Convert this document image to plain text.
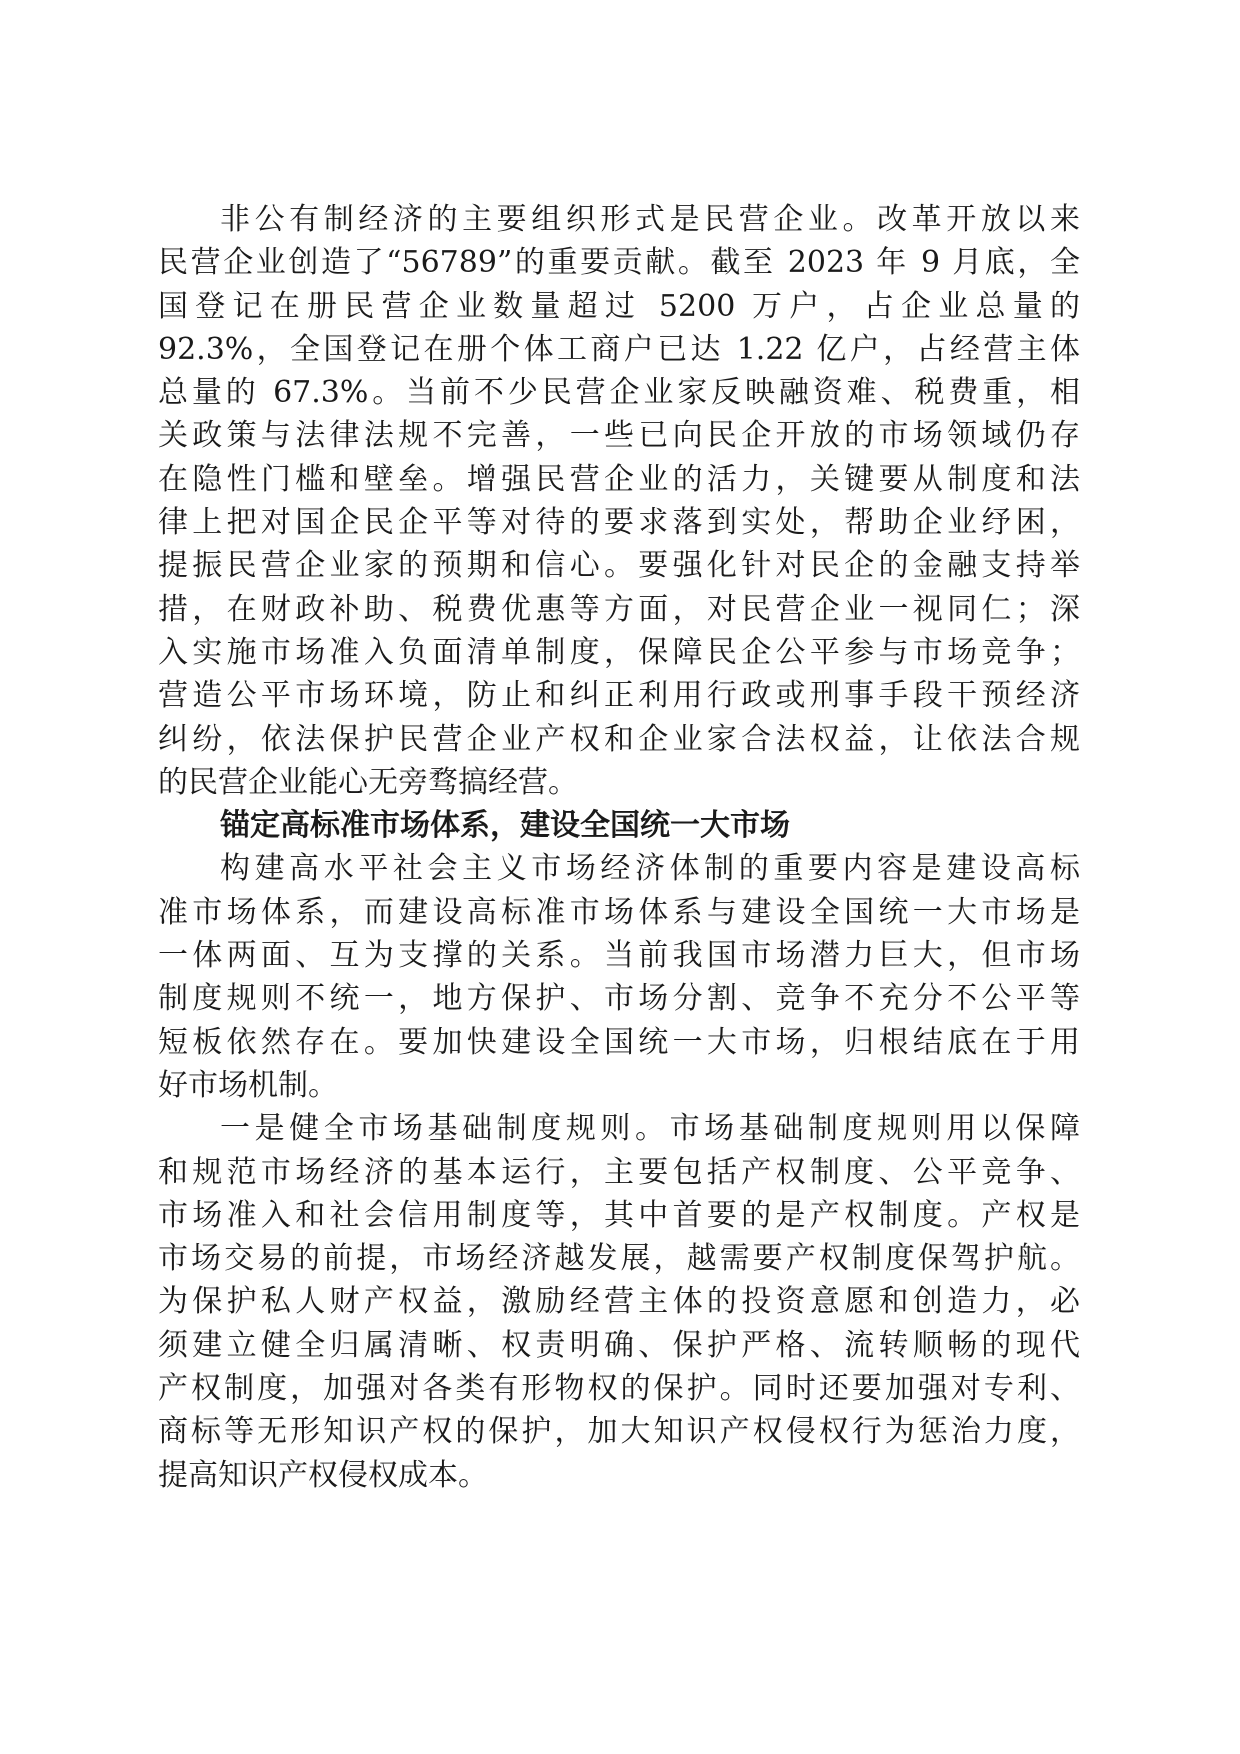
非公有制经济的主要组织形式是民营企业。改革开放以来
民营企业创造了“56789”的重要贡献。截至 2023 年 9 月底，全
国登记在册民营企业数量超过 5200 万户，占企业总量的
92.3%，全国登记在册个体工商户已达 1.22 亿户，占经营主体
总量的 67.3%。当前不少民营企业家反映融资难、税费重，相
关政策与法律法规不完善，一些已向民企开放的市场领域仍存
在隐性门槛和壁垒。增强民营企业的活力，关键要从制度和法
律上把对国企民企平等对待的要求落到实处，帮助企业纾困，
提振民营企业家的预期和信心。要强化针对民企的金融支持举
措，在财政补助、税费优惠等方面，对民营企业一视同仁；深
入实施市场准入负面清单制度，保障民企公平参与市场竞争；
营造公平市场环境，防止和纠正利用行政或刑事手段干预经济
纠纷，依法保护民营企业产权和企业家合法权益，让依法合规
的民营企业能心无旁骛搞经营。
锚定高标准市场体系，建设全国统一大市场
构建高水平社会主义市场经济体制的重要内容是建设高标
准市场体系，而建设高标准市场体系与建设全国统一大市场是
一体两面、互为支撑的关系。当前我国市场潜力巨大，但市场
制度规则不统一，地方保护、市场分割、竞争不充分不公平等
短板依然存在。要加快建设全国统一大市场，归根结底在于用
好市场机制。
一是健全市场基础制度规则。市场基础制度规则用以保障
和规范市场经济的基本运行，主要包括产权制度、公平竞争、
市场准入和社会信用制度等，其中首要的是产权制度。产权是
市场交易的前提，市场经济越发展，越需要产权制度保驾护航。
为保护私人财产权益，激励经营主体的投资意愿和创造力，必
须建立健全归属清晰、权责明确、保护严格、流转顺畅的现代
产权制度，加强对各类有形物权的保护。同时还要加强对专利、
商标等无形知识产权的保护，加大知识产权侵权行为惩治力度，
提高知识产权侵权成本。
